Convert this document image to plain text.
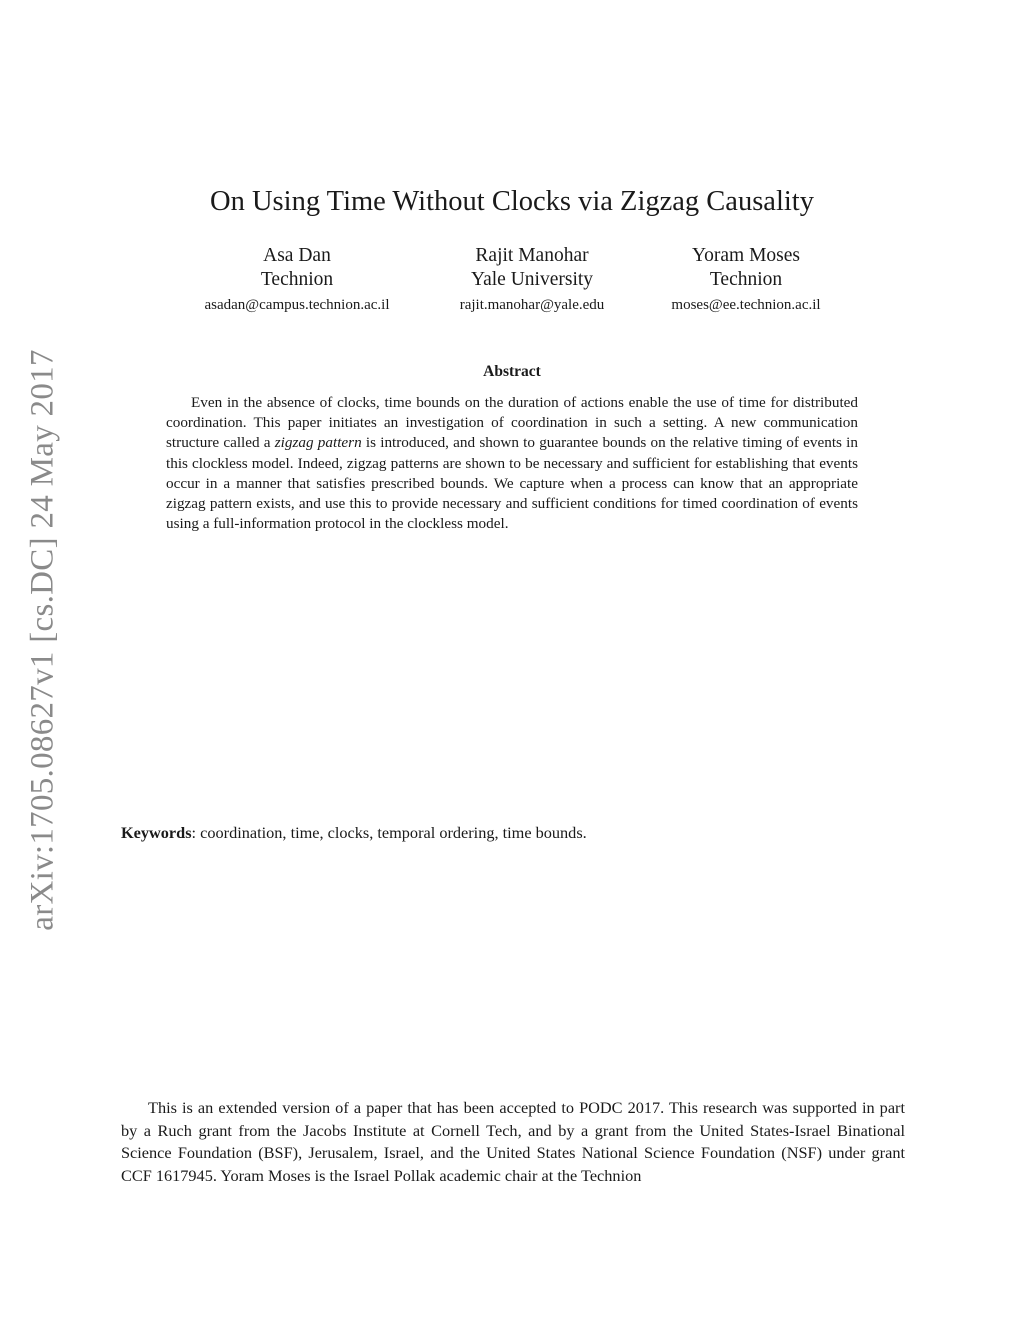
arXiv:1705.08627v1 [cs.DC] 24 May 2017
On Using Time Without Clocks via Zigzag Causality
Asa Dan
Technion
asadan@campus.technion.ac.il
Rajit Manohar
Yale University
rajit.manohar@yale.edu
Yoram Moses
Technion
moses@ee.technion.ac.il
Abstract

Even in the absence of clocks, time bounds on the duration of actions enable the use of time for distributed coordination. This paper initiates an investigation of coordination in such a setting. A new communication structure called a zigzag pattern is introduced, and shown to guarantee bounds on the relative timing of events in this clockless model. Indeed, zigzag patterns are shown to be necessary and sufficient for establishing that events occur in a manner that satisfies prescribed bounds. We capture when a process can know that an appropriate zigzag pattern exists, and use this to provide necessary and sufficient conditions for timed coordination of events using a full-information protocol in the clockless model.

Keywords: coordination, time, clocks, temporal ordering, time bounds.

This is an extended version of a paper that has been accepted to PODC 2017. This research was supported in part by a Ruch grant from the Jacobs Institute at Cornell Tech, and by a grant from the United States-Israel Binational Science Foundation (BSF), Jerusalem, Israel, and the United States National Science Foundation (NSF) under grant CCF 1617945. Yoram Moses is the Israel Pollak academic chair at the Technion
